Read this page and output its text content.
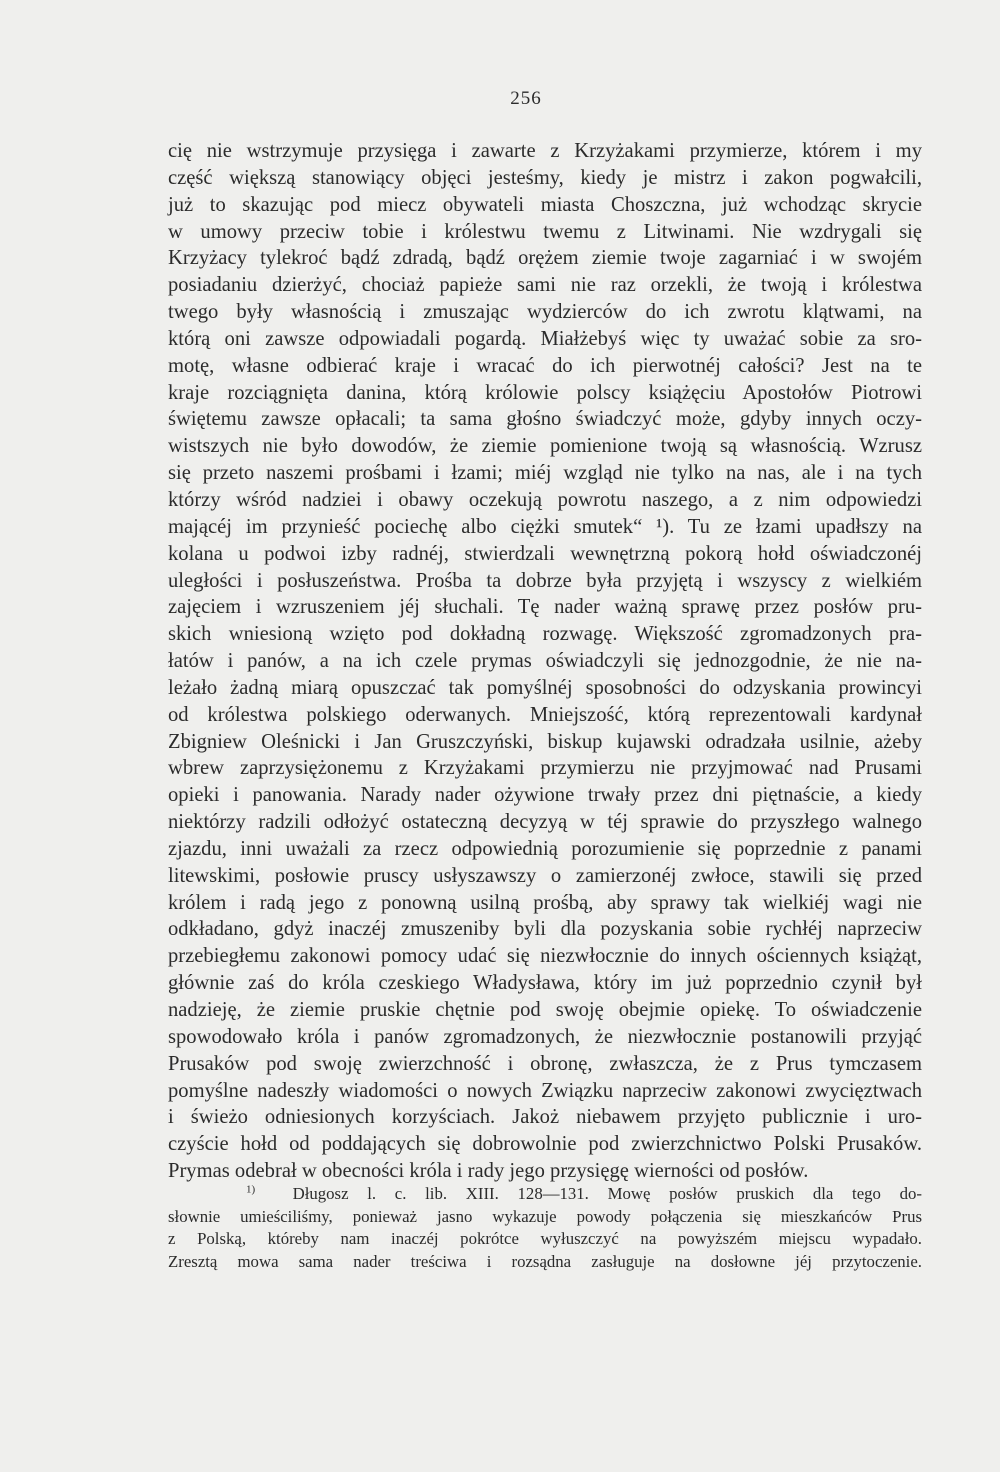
256
cię nie wstrzymuje przysięga i zawarte z Krzyżakami przymierze, którem i my
część większą stanowiący objęci jesteśmy, kiedy je mistrz i zakon pogwałcili,
już to skazując pod miecz obywateli miasta Choszczna, już wchodząc skrycie
w umowy przeciw tobie i królestwu twemu z Litwinami. Nie wzdrygali się
Krzyżacy tylekroć bądź zdradą, bądź orężem ziemie twoje zagarniać i w swojém
posiadaniu dzierżyć, chociaż papieże sami nie raz orzekli, że twoją i królestwa
twego były własnością i zmuszając wydzierców do ich zwrotu klątwami, na
którą oni zawsze odpowiadali pogardą. Miałżebyś więc ty uważać sobie za sro-
motę, własne odbierać kraje i wracać do ich pierwotnéj całości? Jest na te
kraje rozciągnięta danina, którą królowie polscy książęciu Apostołów Piotrowi
świętemu zawsze opłacali; ta sama głośno świadczyć może, gdyby innych oczy-
wistszych nie było dowodów, że ziemie pomienione twoją są własnością. Wzrusz
się przeto naszemi prośbami i łzami; miéj wzgląd nie tylko na nas, ale i na tych
którzy wśród nadziei i obawy oczekują powrotu naszego, a z nim odpowiedzi
mającéj im przynieść pociechę albo ciężki smutek“ ¹). Tu ze łzami upadłszy na
kolana u podwoi izby radnéj, stwierdzali wewnętrzną pokorą hołd oświadczonéj
uległości i posłuszeństwa. Prośba ta dobrze była przyjętą i wszyscy z wielkiém
zajęciem i wzruszeniem jéj słuchali. Tę nader ważną sprawę przez posłów pru-
skich wniesioną wzięto pod dokładną rozwagę. Większość zgromadzonych pra-
łatów i panów, a na ich czele prymas oświadczyli się jednozgodnie, że nie na-
leżało żadną miarą opuszczać tak pomyślnéj sposobności do odzyskania prowincyi
od królestwa polskiego oderwanych. Mniejszość, którą reprezentowali kardynał
Zbigniew Oleśnicki i Jan Gruszczyński, biskup kujawski odradzała usilnie, ażeby
wbrew zaprzysiężonemu z Krzyżakami przymierzu nie przyjmować nad Prusami
opieki i panowania. Narady nader ożywione trwały przez dni piętnaście, a kiedy
niektórzy radzili odłożyć ostateczną decyzyą w téj sprawie do przyszłego walnego
zjazdu, inni uważali za rzecz odpowiednią porozumienie się poprzednie z panami
litewskimi, posłowie pruscy usłyszawszy o zamierzonéj zwłoce, stawili się przed
królem i radą jego z ponowną usilną prośbą, aby sprawy tak wielkiéj wagi nie
odkładano, gdyż inaczéj zmuszeniby byli dla pozyskania sobie rychłéj naprzeciw
przebiegłemu zakonowi pomocy udać się niezwłocznie do innych ościennych książąt,
głównie zaś do króla czeskiego Władysława, który im już poprzednio czynił był
nadzieję, że ziemie pruskie chętnie pod swoję obejmie opiekę. To oświadczenie
spowodowało króla i panów zgromadzonych, że niezwłocznie postanowili przyjąć
Prusaków pod swoję zwierzchność i obronę, zwłaszcza, że z Prus tymczasem
pomyślne nadeszły wiadomości o nowych Związku naprzeciw zakonowi zwycięztwach
i świeżo odniesionych korzyściach. Jakoż niebawem przyjęto publicznie i uro-
czyście hołd od poddających się dobrowolnie pod zwierzchnictwo Polski Prusaków.
Prymas odebrał w obecności króla i rady jego przysięgę wierności od posłów.
$^{1)}$ Długosz l. c. lib. XIII. 128—131. Mowę posłów pruskich dla tego do-
słownie umieściliśmy, ponieważ jasno wykazuje powody połączenia się mieszkańców Prus
z Polską, któreby nam inaczéj pokrótce wyłuszczyć na powyższém miejscu wypadało.
Zresztą mowa sama nader treściwa i rozsądna zasługuje na dosłowne jéj przytoczenie.
